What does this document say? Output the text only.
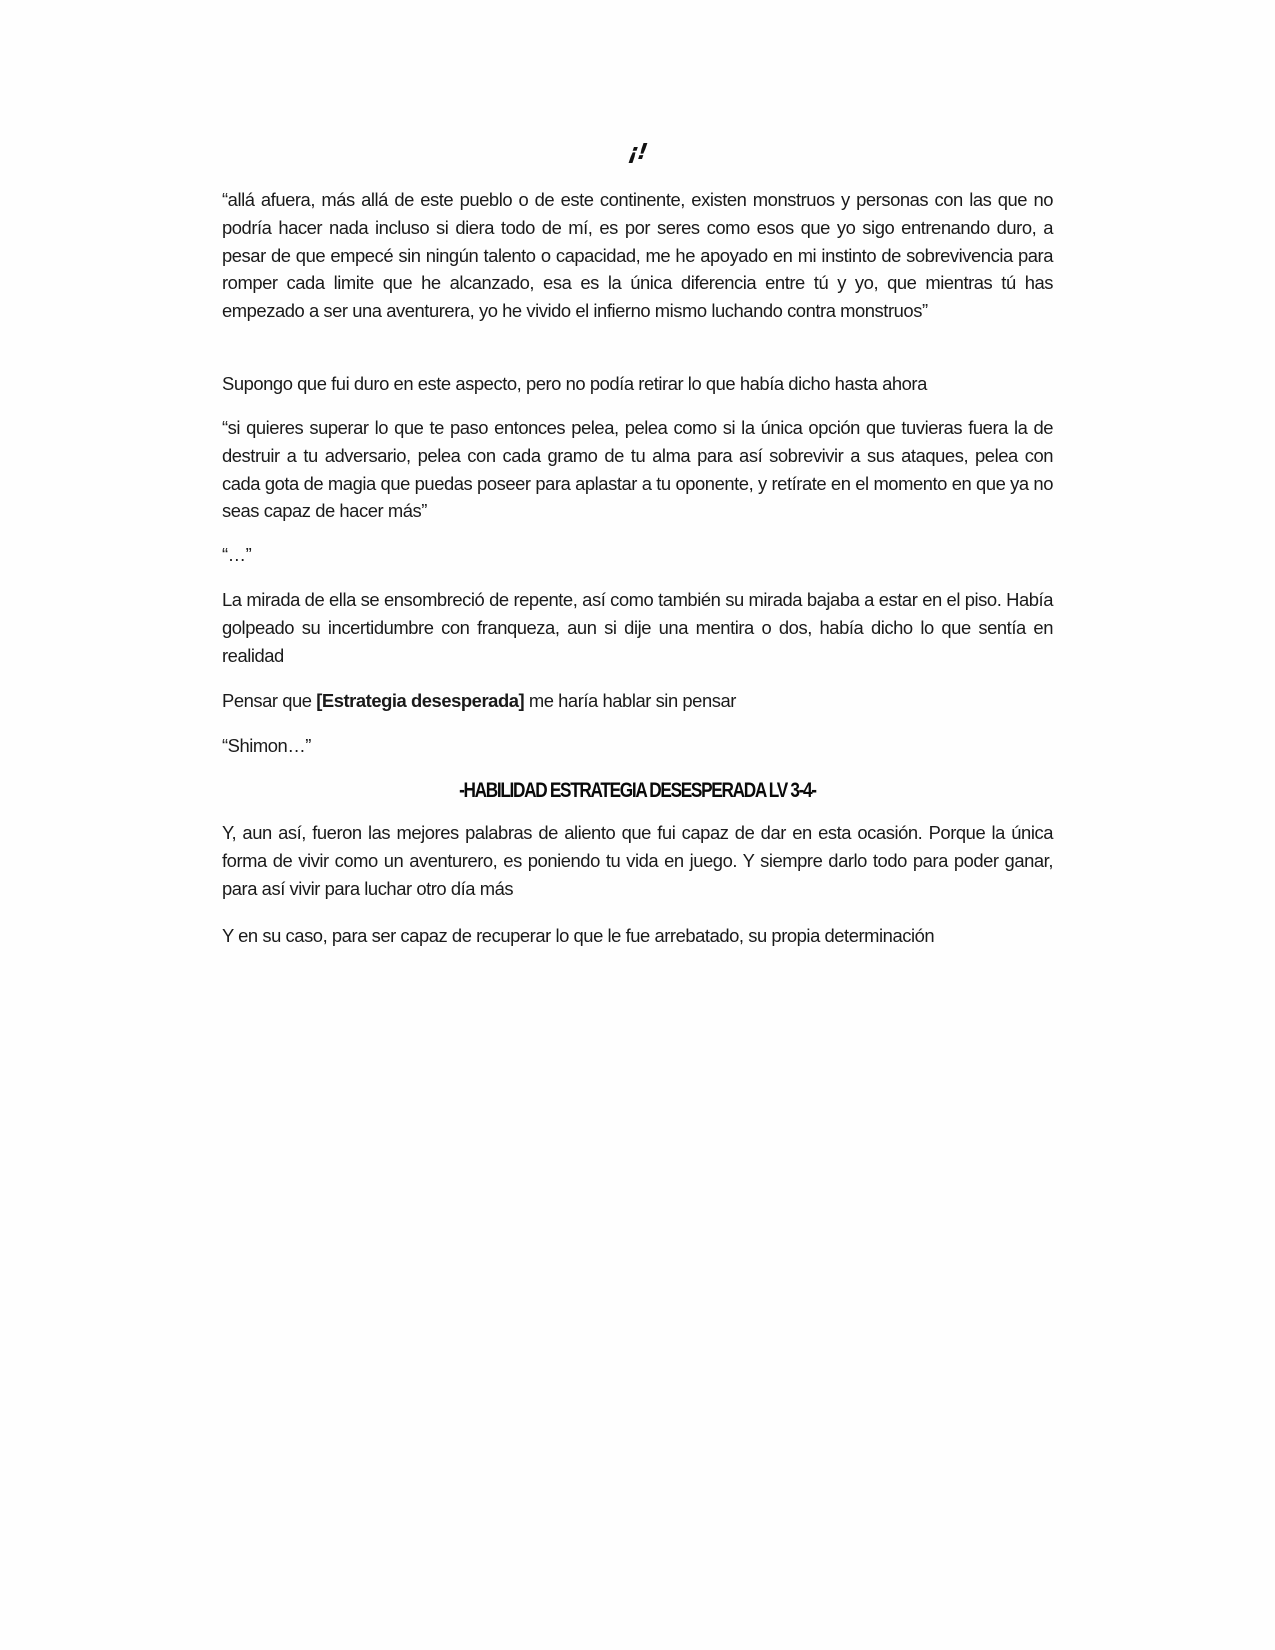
¡!

“allá afuera, más allá de este pueblo o de este continente, existen monstruos y personas con las que no podría hacer nada incluso si diera todo de mí, es por seres como esos que yo sigo entrenando duro, a pesar de que empecé sin ningún talento o capacidad, me he apoyado en mi instinto de sobrevivencia para romper cada limite que he alcanzado, esa es la única diferencia entre tú y yo, que mientras tú has empezado a ser una aventurera, yo he vivido el infierno mismo luchando contra monstruos”

Supongo que fui duro en este aspecto, pero no podía retirar lo que había dicho hasta ahora

“si quieres superar lo que te paso entonces pelea, pelea como si la única opción que tuvieras fuera la de destruir a tu adversario, pelea con cada gramo de tu alma para así sobrevivir a sus ataques, pelea con cada gota de magia que puedas poseer para aplastar a tu oponente, y retírate en el momento en que ya no seas capaz de hacer más”

“…”

La mirada de ella se ensombreció de repente, así como también su mirada bajaba a estar en el piso. Había golpeado su incertidumbre con franqueza, aun si dije una mentira o dos, había dicho lo que sentía en realidad

Pensar que [Estrategia desesperada] me haría hablar sin pensar

“Shimon…”

-HABILIDAD ESTRATEGIA DESESPERADA LV 3-4-

Y, aun así, fueron las mejores palabras de aliento que fui capaz de dar en esta ocasión. Porque la única forma de vivir como un aventurero, es poniendo tu vida en juego. Y siempre darlo todo para poder ganar, para así vivir para luchar otro día más

Y en su caso, para ser capaz de recuperar lo que le fue arrebatado, su propia determinación
